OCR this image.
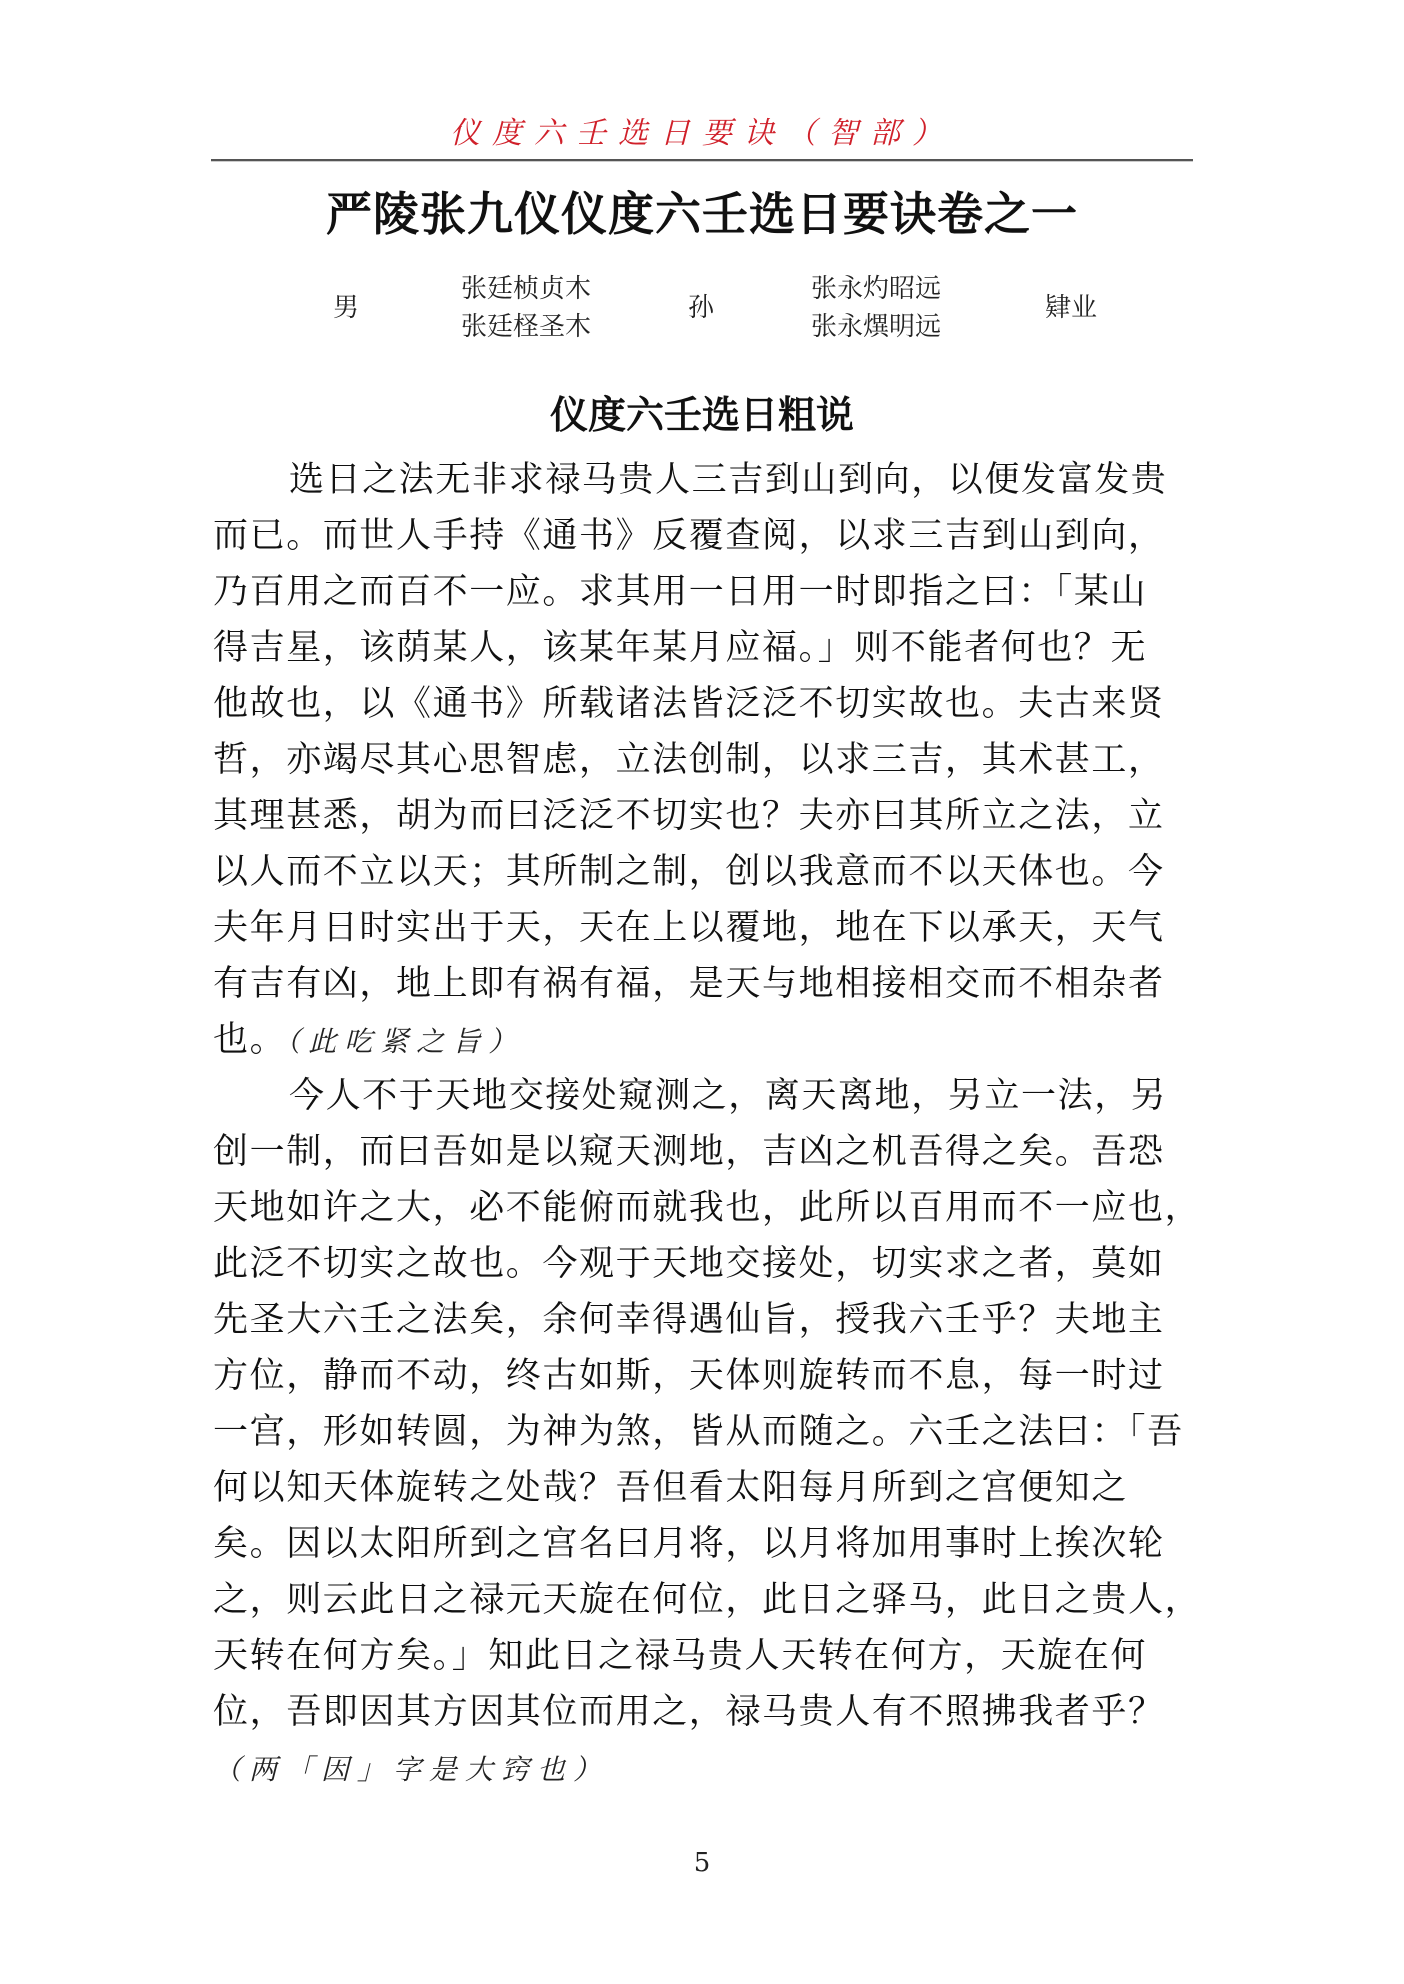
仪度六壬选日要诀（智部）
严陵张九仪仪度六壬选日要诀卷之一
男
张廷桢贞木
张廷柽圣木
孙
张永灼昭远
张永熼明远
肄业
仪度六壬选日粗说
选日之法无非求禄马贵人三吉到山到向，以便发富发贵
而已。而世人手持《通书》反覆查阅，以求三吉到山到向，
乃百用之而百不一应。求其用一日用一时即指之曰：「某山
得吉星，该荫某人，该某年某月应福。」则不能者何也？无
他故也，以《通书》所载诸法皆泛泛不切实故也。夫古来贤
哲，亦竭尽其心思智虑，立法创制，以求三吉，其术甚工，
其理甚悉，胡为而曰泛泛不切实也？夫亦曰其所立之法，立
以人而不立以天；其所制之制，创以我意而不以天体也。今
夫年月日时实出于天，天在上以覆地，地在下以承天，天气
有吉有凶，地上即有祸有福，是天与地相接相交而不相杂者
也。（此吃紧之旨）
今人不于天地交接处窥测之，离天离地，另立一法，另
创一制，而曰吾如是以窥天测地，吉凶之机吾得之矣。吾恐
天地如许之大，必不能俯而就我也，此所以百用而不一应也，
此泛不切实之故也。今观于天地交接处，切实求之者，莫如
先圣大六壬之法矣，余何幸得遇仙旨，授我六壬乎？夫地主
方位，静而不动，终古如斯，天体则旋转而不息，每一时过
一宫，形如转圆，为神为煞，皆从而随之。六壬之法曰：「吾
何以知天体旋转之处哉？吾但看太阳每月所到之宫便知之
矣。因以太阳所到之宫名曰月将，以月将加用事时上挨次轮
之，则云此日之禄元天旋在何位，此日之驿马，此日之贵人，
天转在何方矣。」知此日之禄马贵人天转在何方，天旋在何
位，吾即因其方因其位而用之，禄马贵人有不照拂我者乎？
（两「因」字是大窍也）
5
